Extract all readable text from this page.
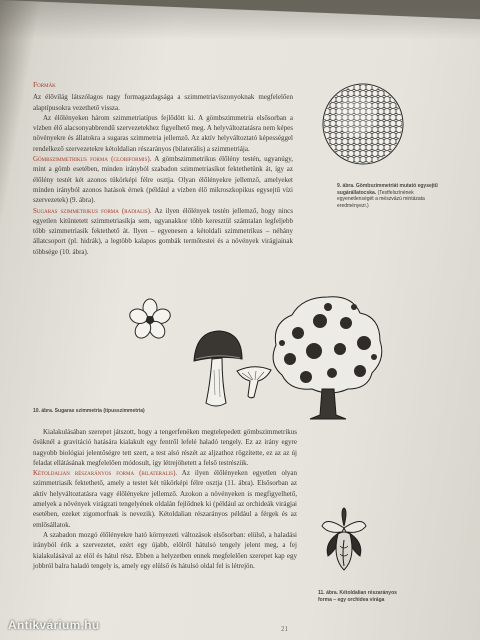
Formák

Az élővilág látszólagos nagy formagazdagsága a szimmetriaviszonyoknak megfelelően alaptípusokra vezethető vissza.

Az élőlényeken három szimmetriatípus fejlődött ki. A gömbszimmetria elsősorban a vízben élő alacsonyabbrendű szervezetekhez figyelhető meg. A helyváltoztatásra nem képes növényekre és állatokra a sugaras szimmetria jellemző. Az aktív helyváltoztató képességgel rendelkező szervezetekre kétoldalian részarányos (bilaterális) a szimmetriája.

Gömbszimmetrikus forma (globiformis). A gömbszimmetrikus élőlény testén, ugyanúgy, mint a gömb esetében, minden irányból szabadon szimmetriasíkot fektethetünk át, így az élőlény testét két azonos tükörképi félre osztja. Olyan élőlényekre jellemző, amelyeket minden irányból azonos hatások érnek (például a vízben élő mikroszkopikus egysejtű vízi szervezetek) (9. ábra).

Sugaras szimmetrikus forma (radialis). Az ilyen élőlények testén jellemző, hogy nincs egyetlen kitüntetett szimmetriasíkja sem, ugyanakkor több keresztül számtalan legfeljebb több szimmetriasík fektethető át. Ilyen – egyenesen a kétoldali szimmetrikus – néhány állatcsoport (pl. hidrák), a legtöbb kalapos gombák termőtestei és a növények virágjainak többsége (10. ábra).

9. ábra. Gömbszimmetriát mutató egysejtű sugárállatocska. (Testfelszínének egyenetlenségét a mészvázú mintázata eredményezi.)
10. ábra. Sugaras szimmetria (típusszimmetria)

Kialakulásában szerepet játszott, hogy a tengerfenéken megtelepedett gömbszimmetrikus ősüknél a gravitáció hatására kialakult egy fentről lefelé haladó tengely. Ez az irány egyre nagyobb biológiai jelentőségre tett szert, a test alsó részét az aljzathoz rögzítette, ez az az új feladat ellátásának megfelelően módosult, így létrejöhetett a felső testrészük.

Kétoldalian részarányos forma (bilateralis). Az ilyen élőlényeken egyetlen olyan szimmetriasík fektethető, amely a testet két tükörképi félre osztja (11. ábra). Elsősorban az aktív helyváltoztatásra vagy élőlényekre jellemző. Azokon a növényeken is megfigyelhető, amelyek a növények virágzati tengelyének oldalán fejlődnek ki (például az orchideák virágjai esetében, ezeket zigomorfnak is nevezik). Kétoldalian részarányos például a férgek és az emlősállatok.

A szabadon mozgó élőlényekre ható környezeti változások elsősorban: elülső, a haladási irányból érik a szervezetet, ezért egy újabb, elölről hátulsó tengely jelent meg, a fej kialakulásával az elöl és hátul rész. Ebben a helyzetben ennek megfelelően szerepet kap egy jobbról balra haladó tengely is, amely egy elülső és hátulsó oldal fel is létrejön.

11. ábra. Kétoldalian részarányos forma – egy orchidea virága
21
Antikvárium.hu
